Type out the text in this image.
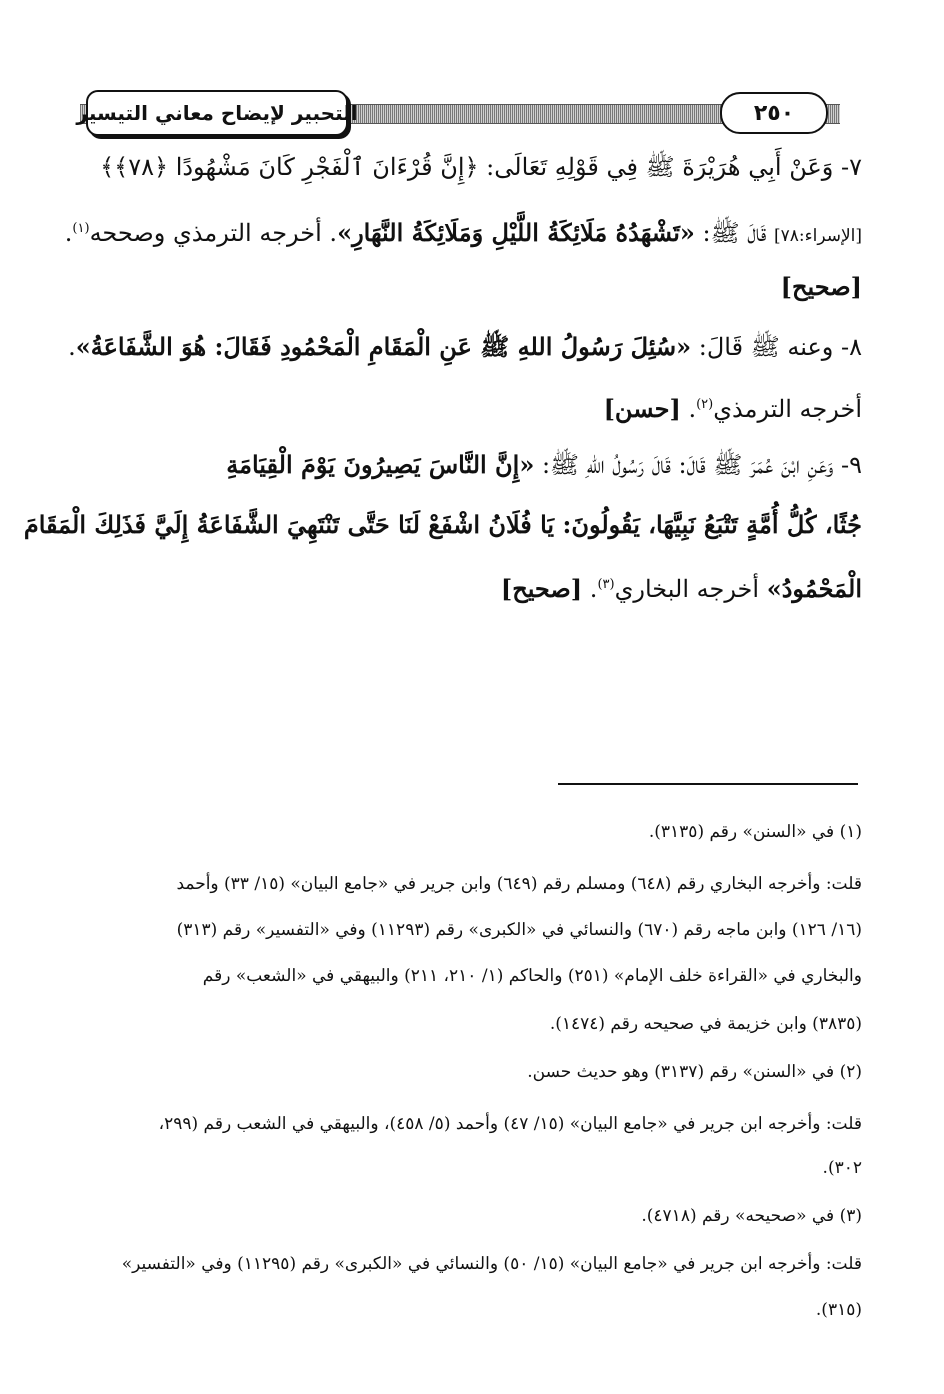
التحبير لإيضاح معاني التيسير	٢٥٠
٧- وَعَنْ أَبِي هُرَيْرَةَ ﷺ فِي قَوْلِهِ تَعَالَى: ﴿إِنَّ قُرْءَانَ ٱلْفَجْرِ كَانَ مَشْهُودًا ﴿٧٨﴾﴾
[الإسراء:٧٨] قَالَ ﷺ: «تَشْهَدُهُ مَلَائِكَةُ اللَّيْلِ وَمَلَائِكَةُ النَّهَارِ». أخرجه الترمذي وصححه$^{(١)}$.
[صحيح]
٨- وعنه ﷺ قَالَ: «سُئِلَ رَسُولُ اللهِ ﷺ عَنِ الْمَقَامِ الْمَحْمُودِ فَقَالَ: هُوَ الشَّفَاعَةُ».
أخرجه الترمذي$^{(٢)}$. [حسن]
٩- وَعَنِ ابْنَ عُمَرَ ﷺ قَالَ: قَالَ رَسُولُ اللهِ ﷺ: «إِنَّ النَّاسَ يَصِيرُونَ يَوْمَ الْقِيَامَةِ
جُثًا، كُلُّ أُمَّةٍ تَتْبَعُ نَبِيَّهَا، يَقُولُونَ: يَا فُلَانُ اشْفَعْ لَنَا حَتَّى تَنْتَهِيَ الشَّفَاعَةُ إِلَيَّ فَذَلِكَ الْمَقَامَ
الْمَحْمُودُ» أخرجه البخاري$^{(٣)}$. [صحيح]
(١) في «السنن» رقم (٣١٣٥).
قلت: وأخرجه البخاري رقم (٦٤٨) ومسلم رقم (٦٤٩) وابن جرير في «جامع البيان» (١٥/ ٣٣) وأحمد
(١٦/ ١٢٦) وابن ماجه رقم (٦٧٠) والنسائي في «الكبرى» رقم (١١٢٩٣) وفي «التفسير» رقم (٣١٣)
والبخاري في «القراءة خلف الإمام» (٢٥١) والحاكم (١/ ٢١٠، ٢١١) والبيهقي في «الشعب» رقم
(٣٨٣٥) وابن خزيمة في صحيحه رقم (١٤٧٤).
(٢) في «السنن» رقم (٣١٣٧) وهو حديث حسن.
قلت: وأخرجه ابن جرير في «جامع البيان» (١٥/ ٤٧) وأحمد (٥/ ٤٥٨)، والبيهقي في الشعب رقم (٢٩٩،
٣٠٢).
(٣) في «صحيحه» رقم (٤٧١٨).
قلت: وأخرجه ابن جرير في «جامع البيان» (١٥/ ٥٠) والنسائي في «الكبرى» رقم (١١٢٩٥) وفي «التفسير»
(٣١٥).
